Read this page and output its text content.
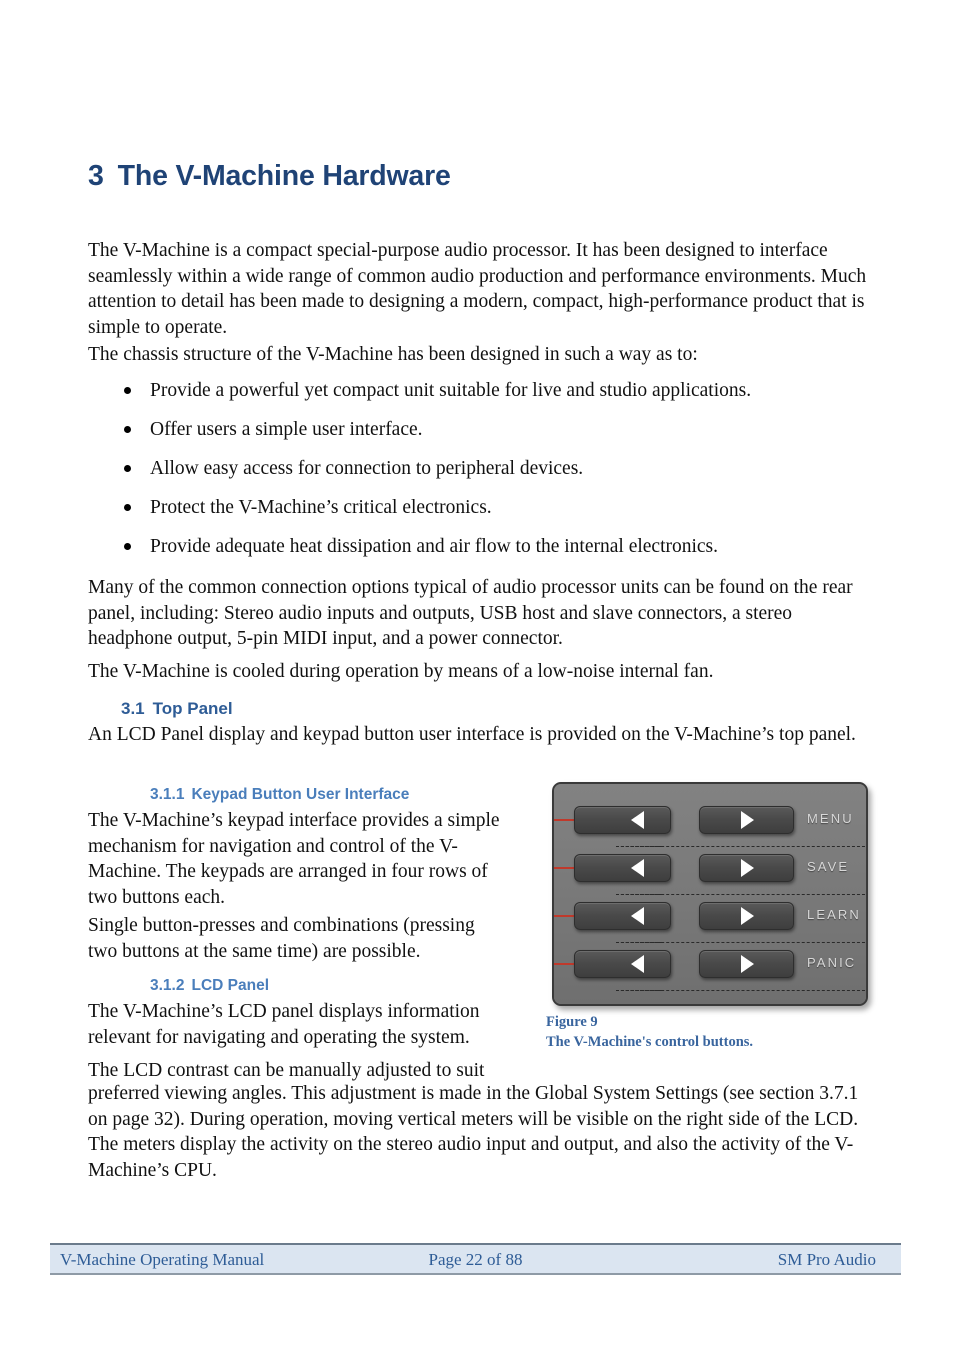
3 The V-Machine Hardware
The V-Machine is a compact special-purpose audio processor. It has been designed to interface seamlessly within a wide range of common audio production and performance environments. Much attention to detail has been made to designing a modern, compact, high-performance product that is simple to operate.
The chassis structure of the V-Machine has been designed in such a way as to:
Provide a powerful yet compact unit suitable for live and studio applications.
Offer users a simple user interface.
Allow easy access for connection to peripheral devices.
Protect the V-Machine’s critical electronics.
Provide adequate heat dissipation and air flow to the internal electronics.
Many of the common connection options typical of audio processor units can be found on the rear panel, including: Stereo audio inputs and outputs, USB host and slave connectors, a stereo headphone output, 5-pin MIDI input, and a power connector.
The V-Machine is cooled during operation by means of a low-noise internal fan.
3.1 Top Panel
An LCD Panel display and keypad button user interface is provided on the V-Machine’s top panel.
3.1.1 Keypad Button User Interface
The V-Machine’s keypad interface provides a simple mechanism for navigation and control of the V-Machine. The keypads are arranged in four rows of two buttons each.
Single button-presses and combinations (pressing two buttons at the same time) are possible.
3.1.2 LCD Panel
The V-Machine’s LCD panel displays information relevant for navigating and operating the system.
The LCD contrast can be manually adjusted to suit
preferred viewing angles. This adjustment is made in the Global System Settings (see section 3.7.1 on page 32). During operation, moving vertical meters will be visible on the right side of the LCD. The meters display the activity on the stereo audio input and output, and also the activity of the V-Machine’s CPU.
MENU
SAVE
LEARN
PANIC
Figure 9
The V-Machine's control buttons.
V-Machine Operating Manual	Page 22 of 88	SM Pro Audio
